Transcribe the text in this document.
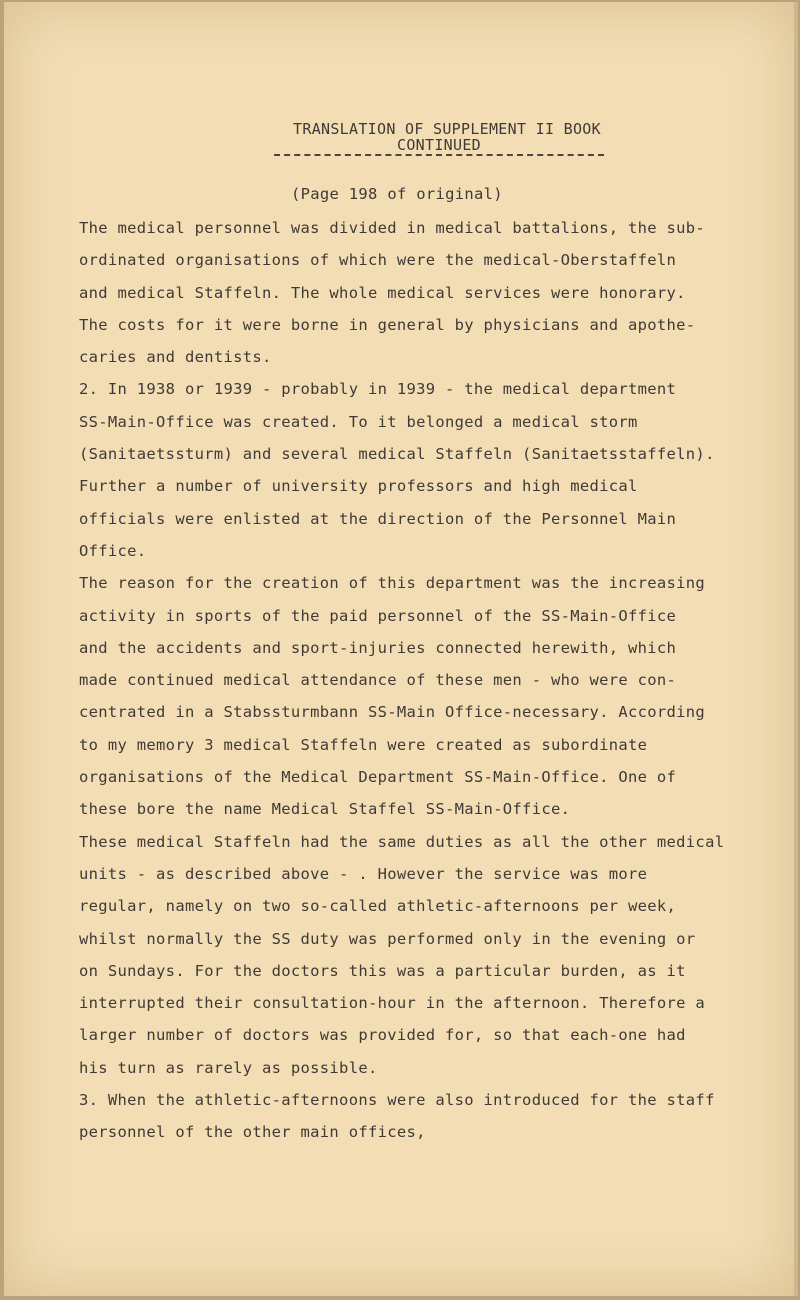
TRANSLATION OF SUPPLEMENT II BOOK
CONTINUED
(Page 198 of original)
The medical personnel was divided in medical battalions, the sub-
ordinated organisations of which were the medical-Oberstaffeln
and medical Staffeln. The whole medical services were honorary.
The costs for it were borne in general by physicians and apothe-
caries and dentists.
2. In 1938 or 1939 - probably in 1939 - the medical department
SS-Main-Office was created. To it belonged a medical storm
(Sanitaetssturm) and several medical Staffeln (Sanitaetsstaffeln).
Further a number of university professors and high medical
officials were enlisted at the direction of the Personnel Main
Office.
The reason for the creation of this department was the increasing
activity in sports of the paid personnel of the SS-Main-Office
and the accidents and sport-injuries connected herewith, which
made continued medical attendance of these men - who were con-
centrated in a Stabssturmbann SS-Main Office-necessary. According
to my memory 3 medical Staffeln were created as subordinate
organisations of the Medical Department SS-Main-Office. One of
these bore the name Medical Staffel SS-Main-Office.
These medical Staffeln had the same duties as all the other medical
units - as described above - . However the service was more
regular, namely on two so-called athletic-afternoons per week,
whilst normally the SS duty was performed only in the evening or
on Sundays. For the doctors this was a particular burden, as it
interrupted their consultation-hour in the afternoon. Therefore a
larger number of doctors was provided for, so that each-one had
his turn as rarely as possible.
3. When the athletic-afternoons were also introduced for the staff
personnel of the other main offices,
